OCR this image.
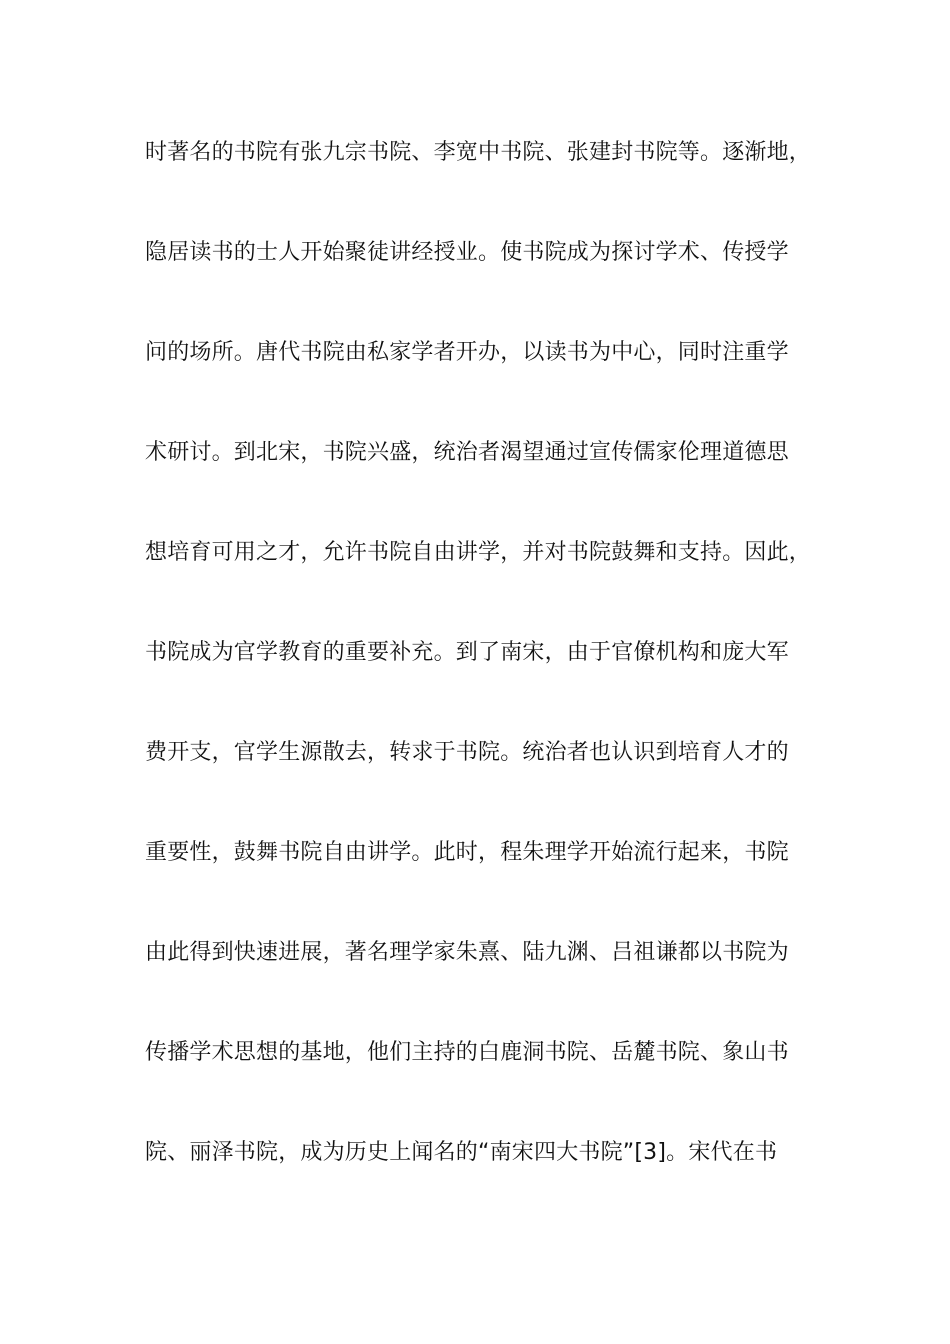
时著名的书院有张九宗书院、李宽中书院、张建封书院等。逐渐地，
隐居读书的士人开始聚徒讲经授业。使书院成为探讨学术、传授学
问的场所。唐代书院由私家学者开办，以读书为中心，同时注重学
术研讨。到北宋，书院兴盛，统治者渴望通过宣传儒家伦理道德思
想培育可用之才，允许书院自由讲学，并对书院鼓舞和支持。因此，
书院成为官学教育的重要补充。到了南宋，由于官僚机构和庞大军
费开支，官学生源散去，转求于书院。统治者也认识到培育人才的
重要性，鼓舞书院自由讲学。此时，程朱理学开始流行起来，书院
由此得到快速进展，著名理学家朱熹、陆九渊、吕祖谦都以书院为
传播学术思想的基地，他们主持的白鹿洞书院、岳麓书院、象山书
院、丽泽书院，成为历史上闻名的“南宋四大书院”[3]。宋代在书
